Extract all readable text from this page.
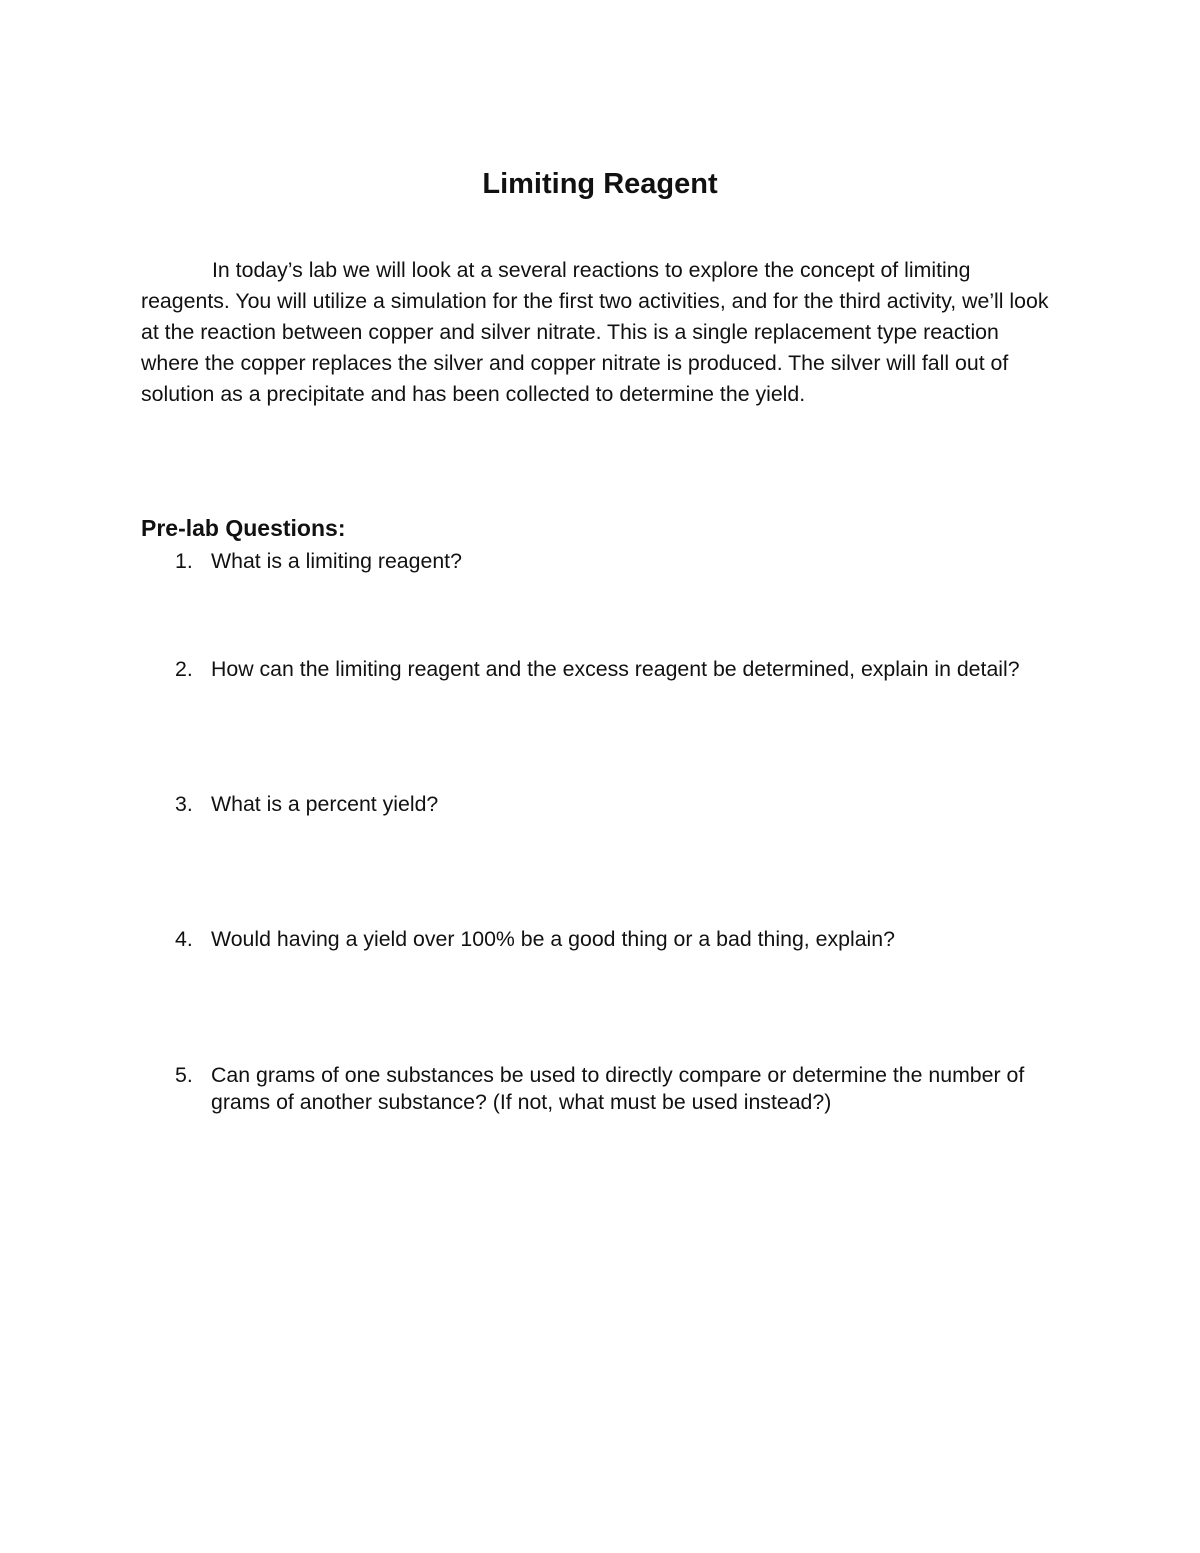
Limiting Reagent

In today’s lab we will look at a several reactions to explore the concept of limiting reagents. You will utilize a simulation for the first two activities, and for the third activity, we’ll look at the reaction between copper and silver nitrate. This is a single replacement type reaction where the copper replaces the silver and copper nitrate is produced. The silver will fall out of solution as a precipitate and has been collected to determine the yield.

Pre-lab Questions:
1. What is a limiting reagent?
2. How can the limiting reagent and the excess reagent be determined, explain in detail?
3. What is a percent yield?
4. Would having a yield over 100% be a good thing or a bad thing, explain?
5. Can grams of one substances be used to directly compare or determine the number of grams of another substance? (If not, what must be used instead?)
